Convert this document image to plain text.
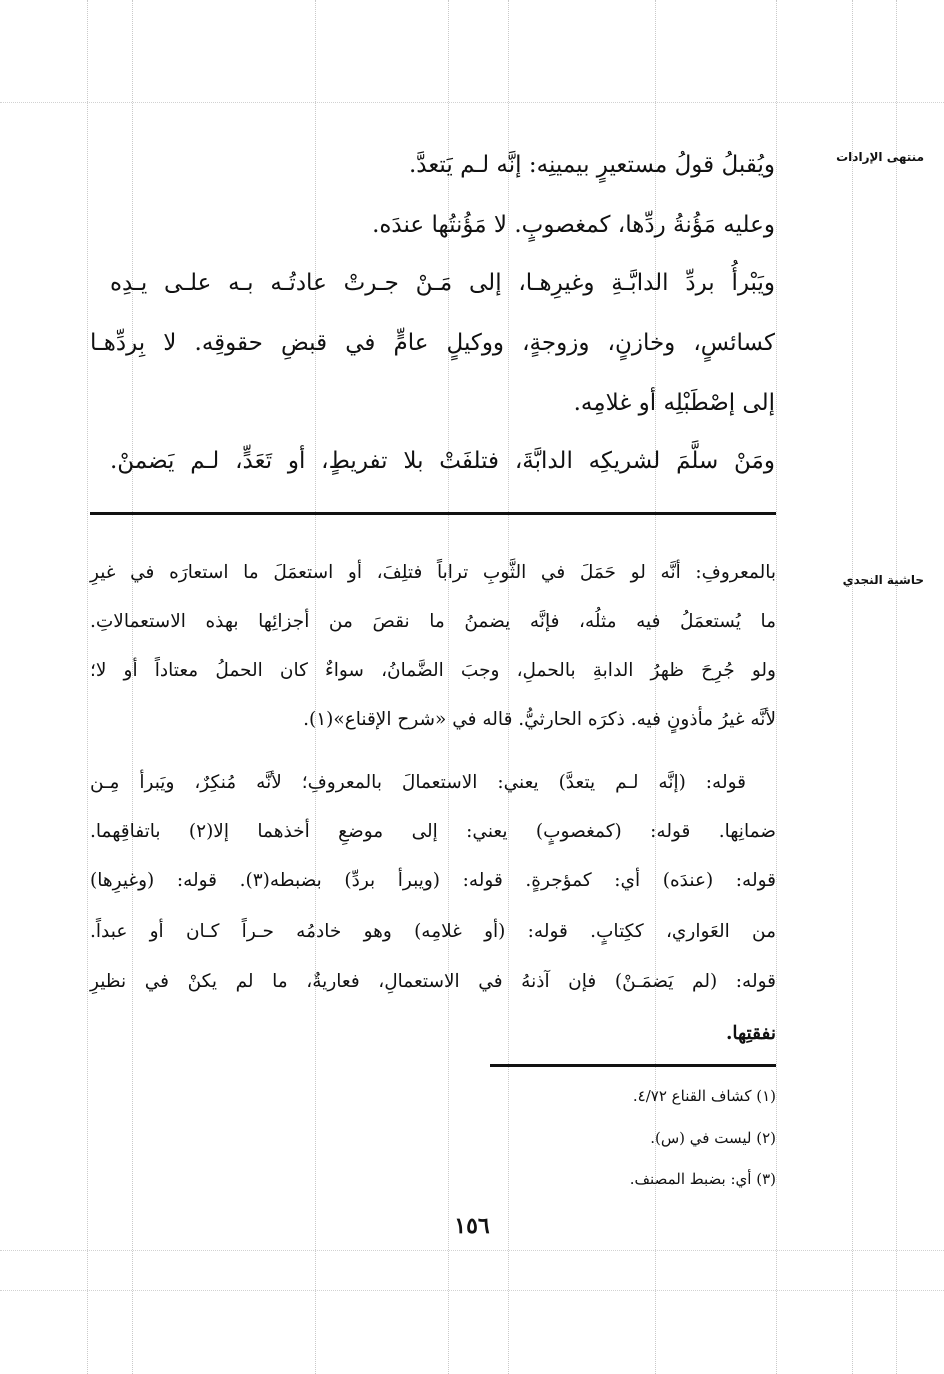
منتهى الإرادات
حاشية النجدي
ويُقبلُ قولُ مستعيرٍ بيمينِه: إنَّه لـم يَتعدَّ.
وعليه مَؤُنةُ ردِّها، كمغصوبٍ. لا مَؤُنتُها عندَه.
ويَبْرأُ بردِّ الدابَّـةِ وغيرِهـا، إلى مَـنْ جـرتْ عادتُـه بـه علـى يـدِه
كسائسٍ، وخازنٍ، وزوجةٍ، ووكيلٍ عامٍّ في قبضِ حقوقِه. لا بِردِّهـا
إلى إصْطَبْلِه أو غلامِه.
ومَنْ سلَّمَ لشريكِه الدابَّةَ، فتلفَتْ بلا تفريطٍ، أو تَعَدٍّ، لـم يَضمنْ.
بالمعروفِ: أنَّه لو حَمَلَ في الثَّوبِ تراباً فتلِفَ، أو استعمَلَ ما استعارَه في غيرِ
ما يُستعمَلُ فيه مثلُه، فإنَّه يضمنُ ما نقصَ من أجزائِها بهذه الاستعمالاتِ.
ولو جُرِحَ ظهرُ الدابةِ بالحملِ، وجبَ الضَّمانُ، سواءٌ كان الحملُ معتاداً أو لا؛
لأنَّه غيرُ مأذونٍ فيه. ذكرَه الحارثيُّ. قاله في «شرح الإقناع»(١).
قوله: (إنَّه لـم يتعدَّ) يعني: الاستعمالَ بالمعروفِ؛ لأنَّه مُنكِرٌ، ويَبرأ مِـن
ضمانِها. قوله: (كمغصوبٍ) يعني: إلى موضعِ أخذهما إلا(٢) باتفاقِهما.
قوله: (عندَه) أي: كمؤجرةٍ. قوله: (ويبرأ بردِّ) بضبطه(٣). قوله: (وغيرِها)
من العَواري، ككِتابٍ. قوله: (أو غلامِه) وهو خادمُه حـراً كـان أو عبداً.
قوله: (لم يَضمَـنْ) فإن آذنهُ في الاستعمالِ، فعاريةٌ، ما لم يكنْ في نظيرِ
نفقتِها.
(١) كشاف القناع ٤/٧٢.
(٢) ليست في (س).
(٣) أي: بضبط المصنف.
١٥٦
